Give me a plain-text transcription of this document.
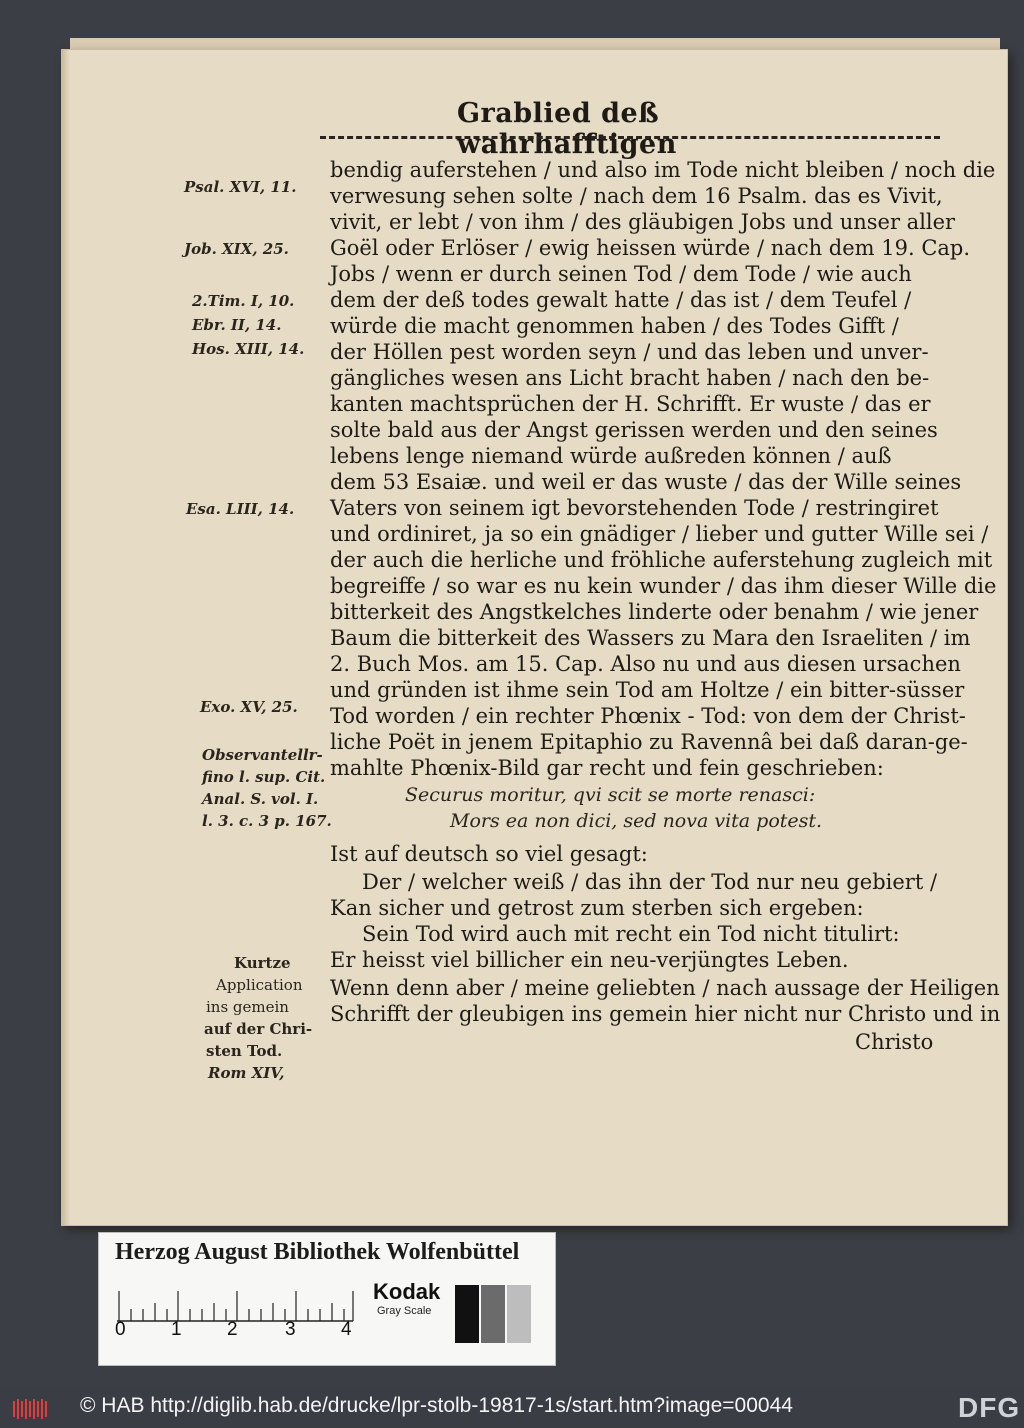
Grablied deß wahrhafftigen
Psal. XVI, 11.
Job. XIX, 25.
2.Tim. I, 10.
Ebr. II, 14.
Hos. XIII, 14.
Esa. LIII, 14.
Exo. XV, 25.
Observantellr-
fino l. sup. Cit.
Anal. S. vol. I.
l. 3. c. 3 p. 167.
Kurtze
Application
ins gemein
auf der Chri-
sten Tod.
Rom XIV,
bendig auferstehen / und also im Tode nicht bleiben / noch die
verwesung sehen solte / nach dem 16 Psalm. das es Vivit,
vivit, er lebt / von ihm / des gläubigen Jobs und unser aller
Goël oder Erlöser / ewig heissen würde / nach dem 19. Cap.
Jobs / wenn er durch seinen Tod / dem Tode / wie auch
dem der deß todes gewalt hatte / das ist / dem Teufel /
würde die macht genommen haben / des Todes Gifft /
der Höllen pest worden seyn / und das leben und unver-
gängliches wesen ans Licht bracht haben / nach den be-
kanten machtsprüchen der H. Schrifft. Er wuste / das er
solte bald aus der Angst gerissen werden und den seines
lebens lenge niemand würde außreden können / auß
dem 53 Esaiæ. und weil er das wuste / das der Wille seines
Vaters von seinem igt bevorstehenden Tode / restringiret
und ordiniret, ja so ein gnädiger / lieber und gutter Wille sei /
der auch die herliche und fröhliche auferstehung zugleich mit
begreiffe / so war es nu kein wunder / das ihm dieser Wille die
bitterkeit des Angstkelches linderte oder benahm / wie jener
Baum die bitterkeit des Wassers zu Mara den Israeliten / im
2. Buch Mos. am 15. Cap. Also nu und aus diesen ursachen
und gründen ist ihme sein Tod am Holtze / ein bitter-süsser
Tod worden / ein rechter Phœnix - Tod: von dem der Christ-
liche Poët in jenem Epitaphio zu Ravennâ bei daß daran-ge-
mahlte Phœnix-Bild gar recht und fein geschrieben:
Securus moritur, qvi scit se morte renasci:
Mors ea non dici, sed nova vita potest.
Ist auf deutsch so viel gesagt:
Der / welcher weiß / das ihn der Tod nur neu gebiert /
Kan sicher und getrost zum sterben sich ergeben:
Sein Tod wird auch mit recht ein Tod nicht titulirt:
Er heisst viel billicher ein neu-verjüngtes Leben.
Wenn denn aber / meine geliebten / nach aussage der Heiligen
Schrifft der gleubigen ins gemein hier nicht nur Christo und in
Christo
Herzog August Bibliothek Wolfenbüttel
0 1 2 3 4
Kodak
Gray Scale
© HAB http://diglib.hab.de/drucke/lpr-stolb-19817-1s/start.htm?image=00044	DFG
